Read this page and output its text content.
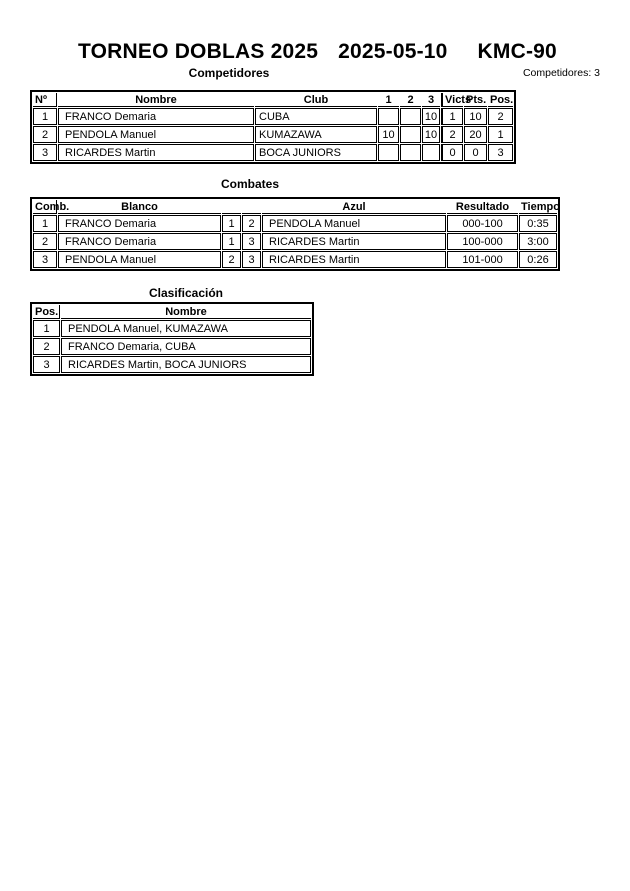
TORNEO DOBLAS 2025 2025-05-10 KMC-90
Competidores: 3
Competidores
Nº	Nombre	Club	1	2	3	Victs	Pts.	Pos.
1	FRANCO Demaria	CUBA			10	1	10	2
2	PENDOLA Manuel	KUMAZAWA	10		10	2	20	1
3	RICARDES Martin	BOCA JUNIORS				0	0	3
Combates
Comb.	Blanco			Azul	Resultado	Tiempo
1	FRANCO Demaria	1	2	PENDOLA Manuel	000-100	0:35
2	FRANCO Demaria	1	3	RICARDES Martin	100-000	3:00
3	PENDOLA Manuel	2	3	RICARDES Martin	101-000	0:26
Clasificación
Pos.	Nombre
1	PENDOLA Manuel, KUMAZAWA
2	FRANCO Demaria, CUBA
3	RICARDES Martin, BOCA JUNIORS
